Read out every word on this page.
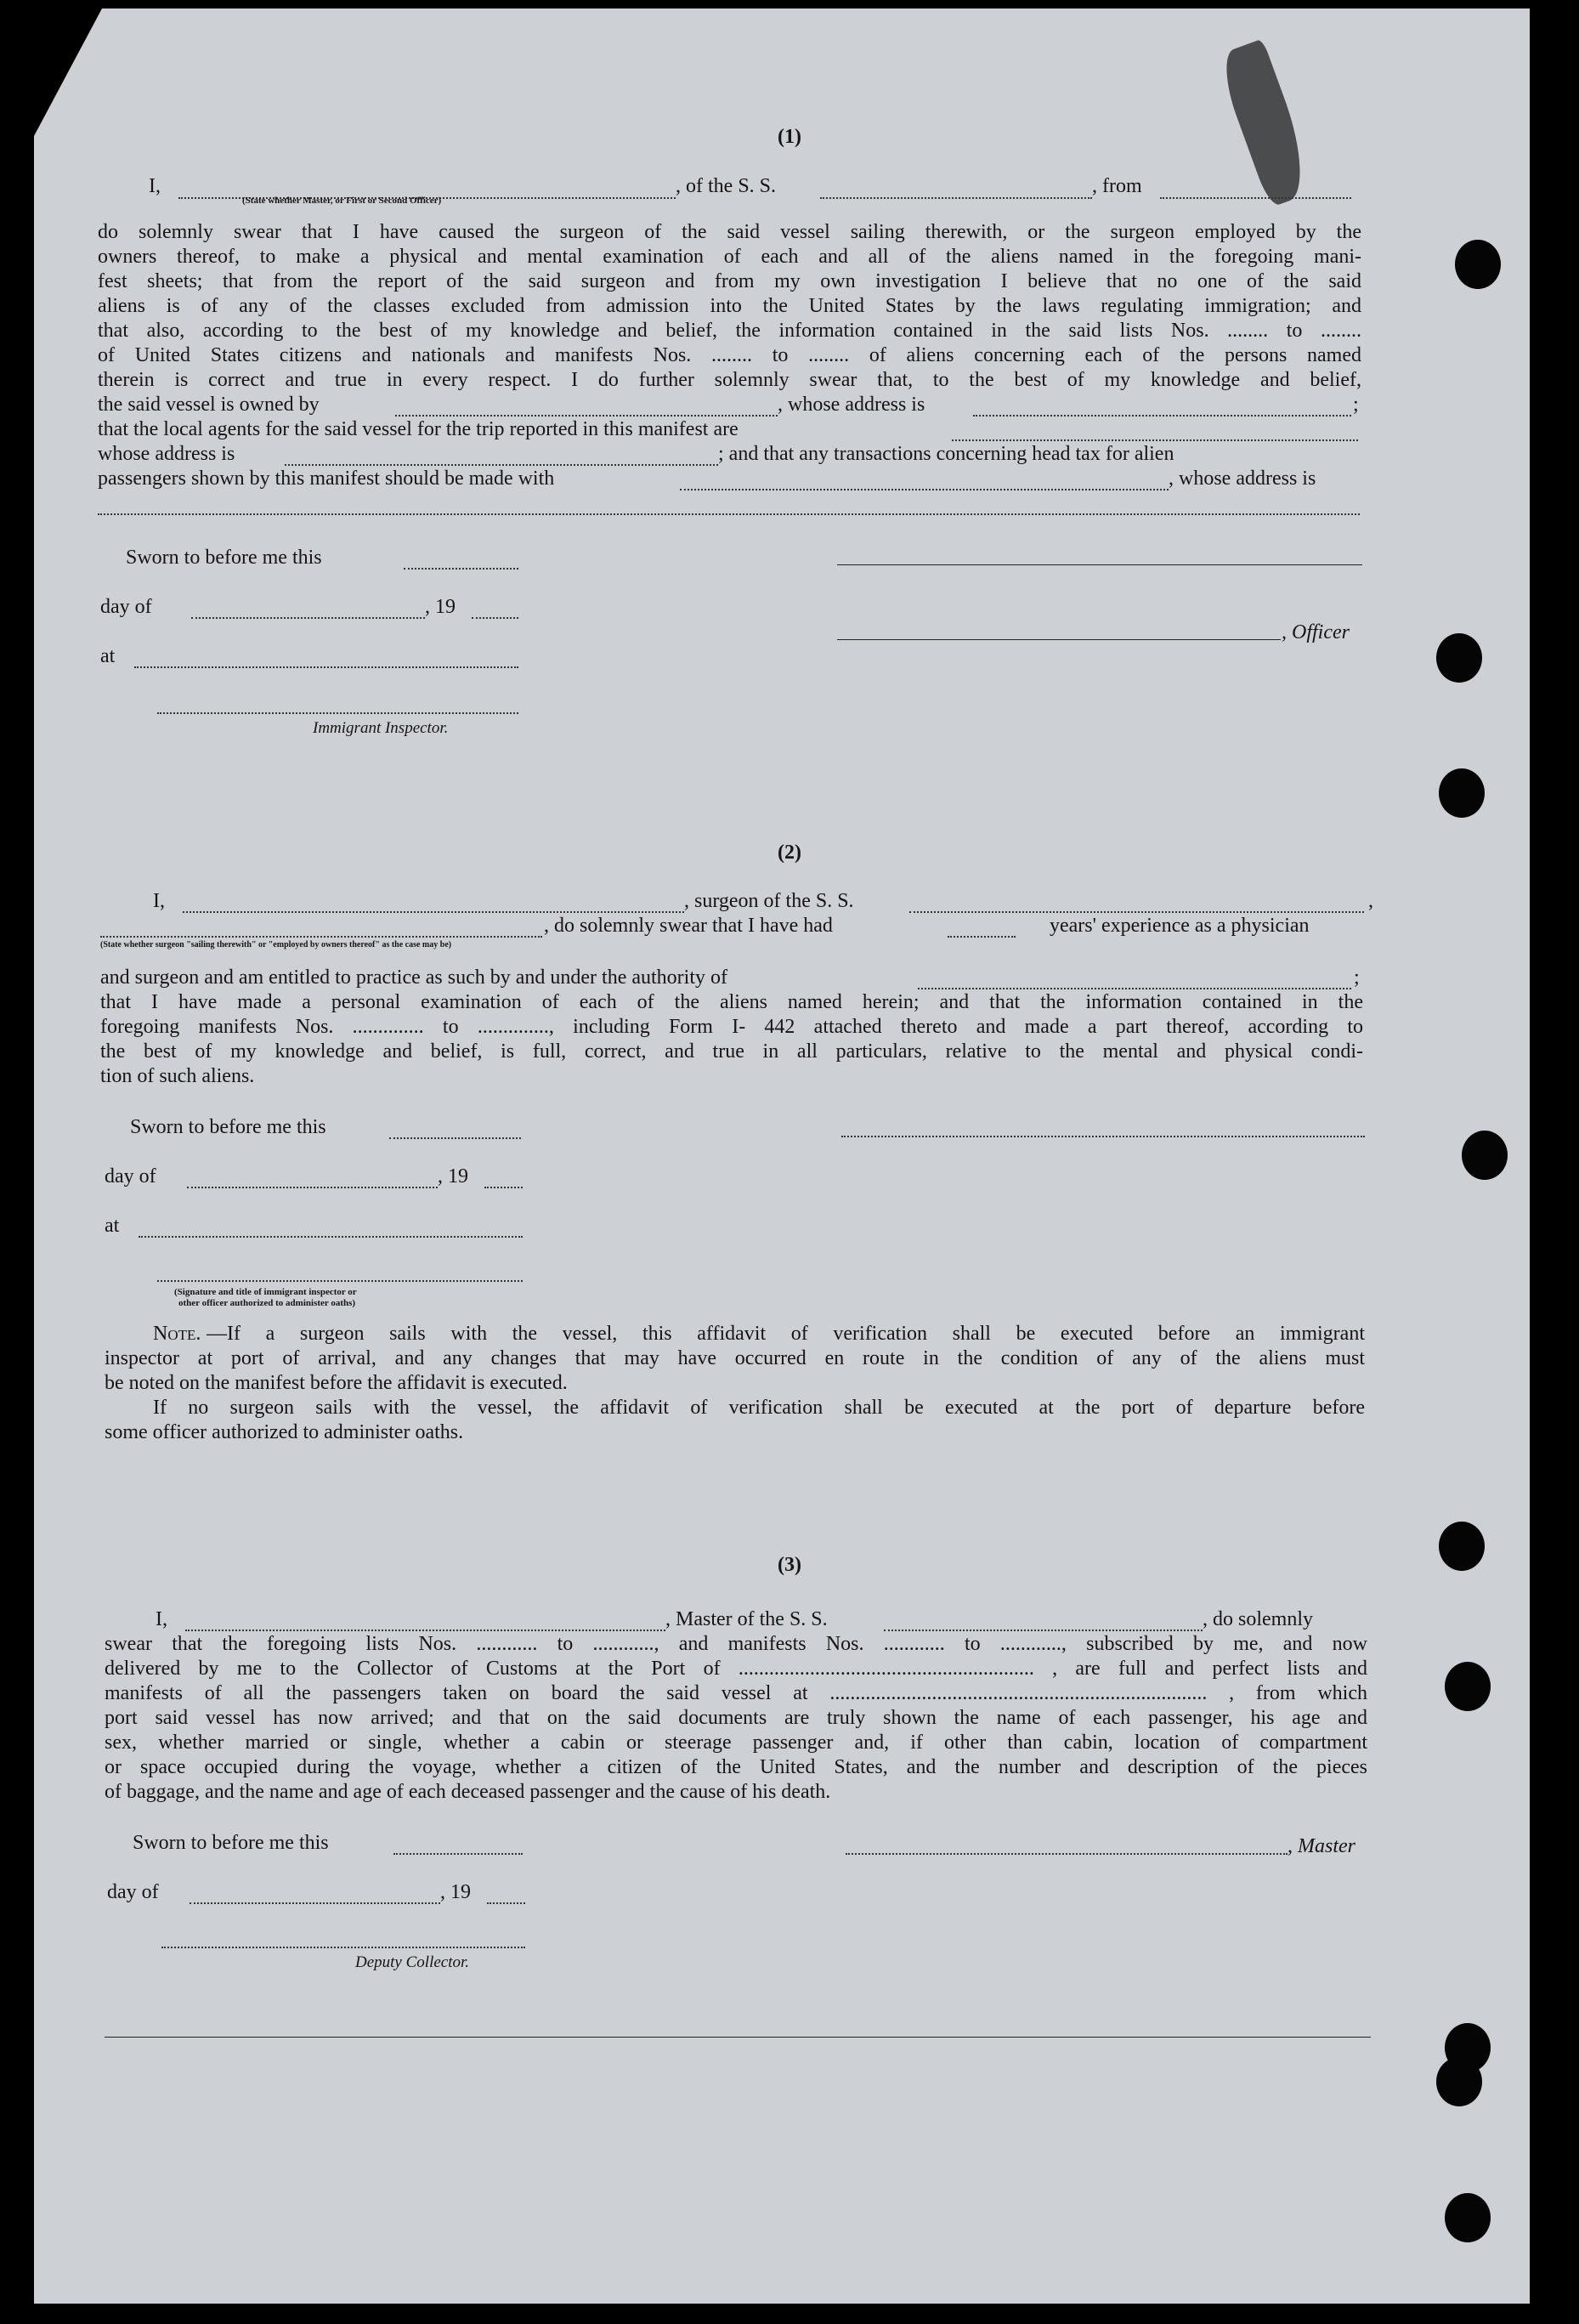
(1)
I,	, of the S. S.	, from
(State whether Master, or First or Second Officer)
do solemnly swear that I have caused the surgeon of the said vessel sailing therewith, or the surgeon employed by the
owners thereof, to make a physical and mental examination of each and all of the aliens named in the foregoing mani-
fest sheets; that from the report of the said surgeon and from my own investigation I believe that no one of the said
aliens is of any of the classes excluded from admission into the United States by the laws regulating immigration; and
that also, according to the best of my knowledge and belief, the information contained in the said lists Nos. ........ to ........
of United States citizens and nationals and manifests Nos. ........ to ........ of aliens concerning each of the persons named
therein is correct and true in every respect. I do further solemnly swear that, to the best of my knowledge and belief,
the said vessel is owned by	, whose address is	;
that the local agents for the said vessel for the trip reported in this manifest are
whose address is	; and that any transactions concerning head tax for alien
passengers shown by this manifest should be made with	, whose address is
Sworn to before me this
day of	, 19
, Officer
at
Immigrant Inspector.
(2)
I,	, surgeon of the S. S.	,
, do solemnly swear that I have had	years' experience as a physician
(State whether surgeon "sailing therewith" or "employed by owners thereof" as the case may be)
and surgeon and am entitled to practice as such by and under the authority of	;
that I have made a personal examination of each of the aliens named herein; and that the information contained in the
foregoing manifests Nos. .............. to .............., including Form I- 442 attached thereto and made a part thereof, according to
the best of my knowledge and belief, is full, correct, and true in all particulars, relative to the mental and physical condi-
tion of such aliens.
Sworn to before me this
day of	, 19
at
(Signature and title of immigrant inspector or
other officer authorized to administer oaths)
Note. —If a surgeon sails with the vessel, this affidavit of verification shall be executed before an immigrant
inspector at port of arrival, and any changes that may have occurred en route in the condition of any of the aliens must
be noted on the manifest before the affidavit is executed.
If no surgeon sails with the vessel, the affidavit of verification shall be executed at the port of departure before
some officer authorized to administer oaths.
(3)
I,	, Master of the S. S.	, do solemnly
swear that the foregoing lists Nos. ............ to ............, and manifests Nos. ............ to ............, subscribed by me, and now
delivered by me to the Collector of Customs at the Port of .......................................................... , are full and perfect lists and
manifests of all the passengers taken on board the said vessel at .......................................................................... , from which
port said vessel has now arrived; and that on the said documents are truly shown the name of each passenger, his age and
sex, whether married or single, whether a cabin or steerage passenger and, if other than cabin, location of compartment
or space occupied during the voyage, whether a citizen of the United States, and the number and description of the pieces
of baggage, and the name and age of each deceased passenger and the cause of his death.
Sworn to before me this	, Master
day of	, 19
Deputy Collector.
